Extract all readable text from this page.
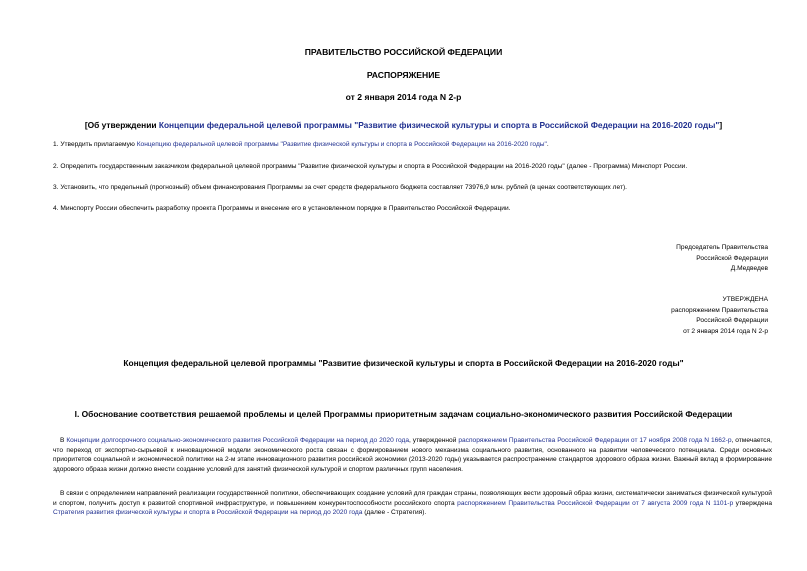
ПРАВИТЕЛЬСТВО РОССИЙСКОЙ ФЕДЕРАЦИИ
РАСПОРЯЖЕНИЕ
от 2 января 2014 года N 2-р
[Об утверждении Концепции федеральной целевой программы "Развитие физической культуры и спорта в Российской Федерации на 2016-2020 годы"]
1. Утвердить прилагаемую Концепцию федеральной целевой программы "Развитие физической культуры и спорта в Российской Федерации на 2016-2020 годы".
2. Определить государственным заказчиком федеральной целевой программы "Развитие физической культуры и спорта в Российской Федерации на 2016-2020 годы" (далее - Программа) Минспорт России.
3. Установить, что предельный (прогнозный) объем финансирования Программы за счет средств федерального бюджета составляет 73976,9 млн. рублей (в ценах соответствующих лет).
4. Минспорту России обеспечить разработку проекта Программы и внесение его в установленном порядке в Правительство Российской Федерации.
Председатель Правительства
Российской Федерации
Д.Медведев
УТВЕРЖДЕНА
распоряжением Правительства
Российской Федерации
от 2 января 2014 года N 2-р
Концепция федеральной целевой программы "Развитие физической культуры и спорта в Российской Федерации на 2016-2020 годы"
I. Обоснование соответствия решаемой проблемы и целей Программы приоритетным задачам социально-экономического развития Российской Федерации
В Концепции долгосрочного социально-экономического развития Российской Федерации на период до 2020 года, утвержденной распоряжением Правительства Российской Федерации от 17 ноября 2008 года N 1662-р, отмечается, что переход от экспортно-сырьевой к инновационной модели экономического роста связан с формированием нового механизма социального развития, основанного на развитии человеческого потенциала. Среди основных приоритетов социальной и экономической политики на 2-м этапе инновационного развития российской экономики (2013-2020 годы) указывается распространение стандартов здорового образа жизни. Важный вклад в формирование здорового образа жизни должно внести создание условий для занятий физической культурой и спортом различных групп населения.
В связи с определением направлений реализации государственной политики, обеспечивающих создание условий для граждан страны, позволяющих вести здоровый образ жизни, систематически заниматься физической культурой и спортом, получить доступ к развитой спортивной инфраструктуре, и повышением конкурентоспособности российского спорта распоряжением Правительства Российской Федерации от 7 августа 2009 года N 1101-р утверждена Стратегия развития физической культуры и спорта в Российской Федерации на период до 2020 года (далее - Стратегия).
